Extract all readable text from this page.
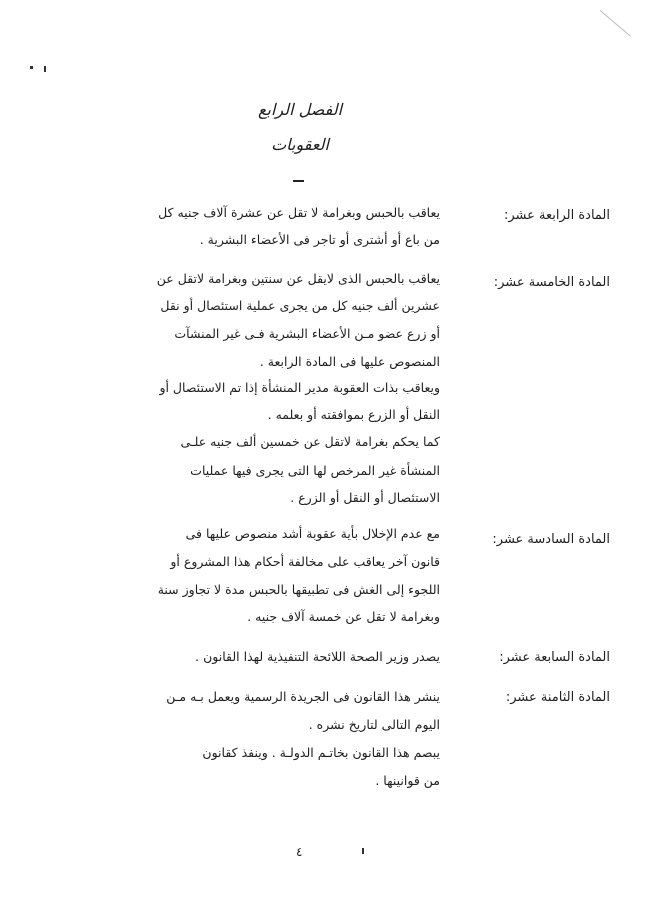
الفصل الرابع
العقوبات
المادة الرابعة عشر:
يعاقب بالحبس وبغرامة لا تقل عن عشرة آلاف جنيه كل
من باع أو أشترى أو تاجر فى الأعضاء البشرية .
المادة الخامسة عشر:
يعاقب بالحبس الذى لايقل عن سنتين وبغرامة لاتقل عن
عشرين ألف جنيه كل من يجرى عملية استئصال أو نقل
أو زرع عضو مـن الأعضاء البشرية فـى غير المنشآت
المنصوص عليها فى المادة الرابعة .
ويعاقب بذات العقوبة مدير المنشأة إذا تم الاستئصال أو
النقل أو الزرع بموافقته أو بعلمه .
كما يحكم بغرامة لاتقل عن خمسين ألف جنيه علـى
المنشأة غير المرخص لها التى يجرى فيها عمليات
الاستئصال أو النقل أو الزرع .
المادة السادسة عشر:
مع عدم الإخلال بأية عقوبة أشد منصوص عليها فى
قانون آخر يعاقب على مخالفة أحكام هذا المشروع أو
اللجوء إلى الغش فى تطبيقها بالحبس مدة لا تجاوز سنة
وبغرامة لا تقل عن خمسة آلاف جنيه .
المادة السابعة عشر:
يصدر وزير الصحة اللائحة التنفيذية لهذا القانون .
المادة الثامنة عشر:
ينشر هذا القانون فى الجريدة الرسمية ويعمل بـه مـن
اليوم التالى لتاريخ نشره .
يبصم هذا القانون بخاتـم الدولـة . وينفذ كقانون
من قوانينها .
٤
